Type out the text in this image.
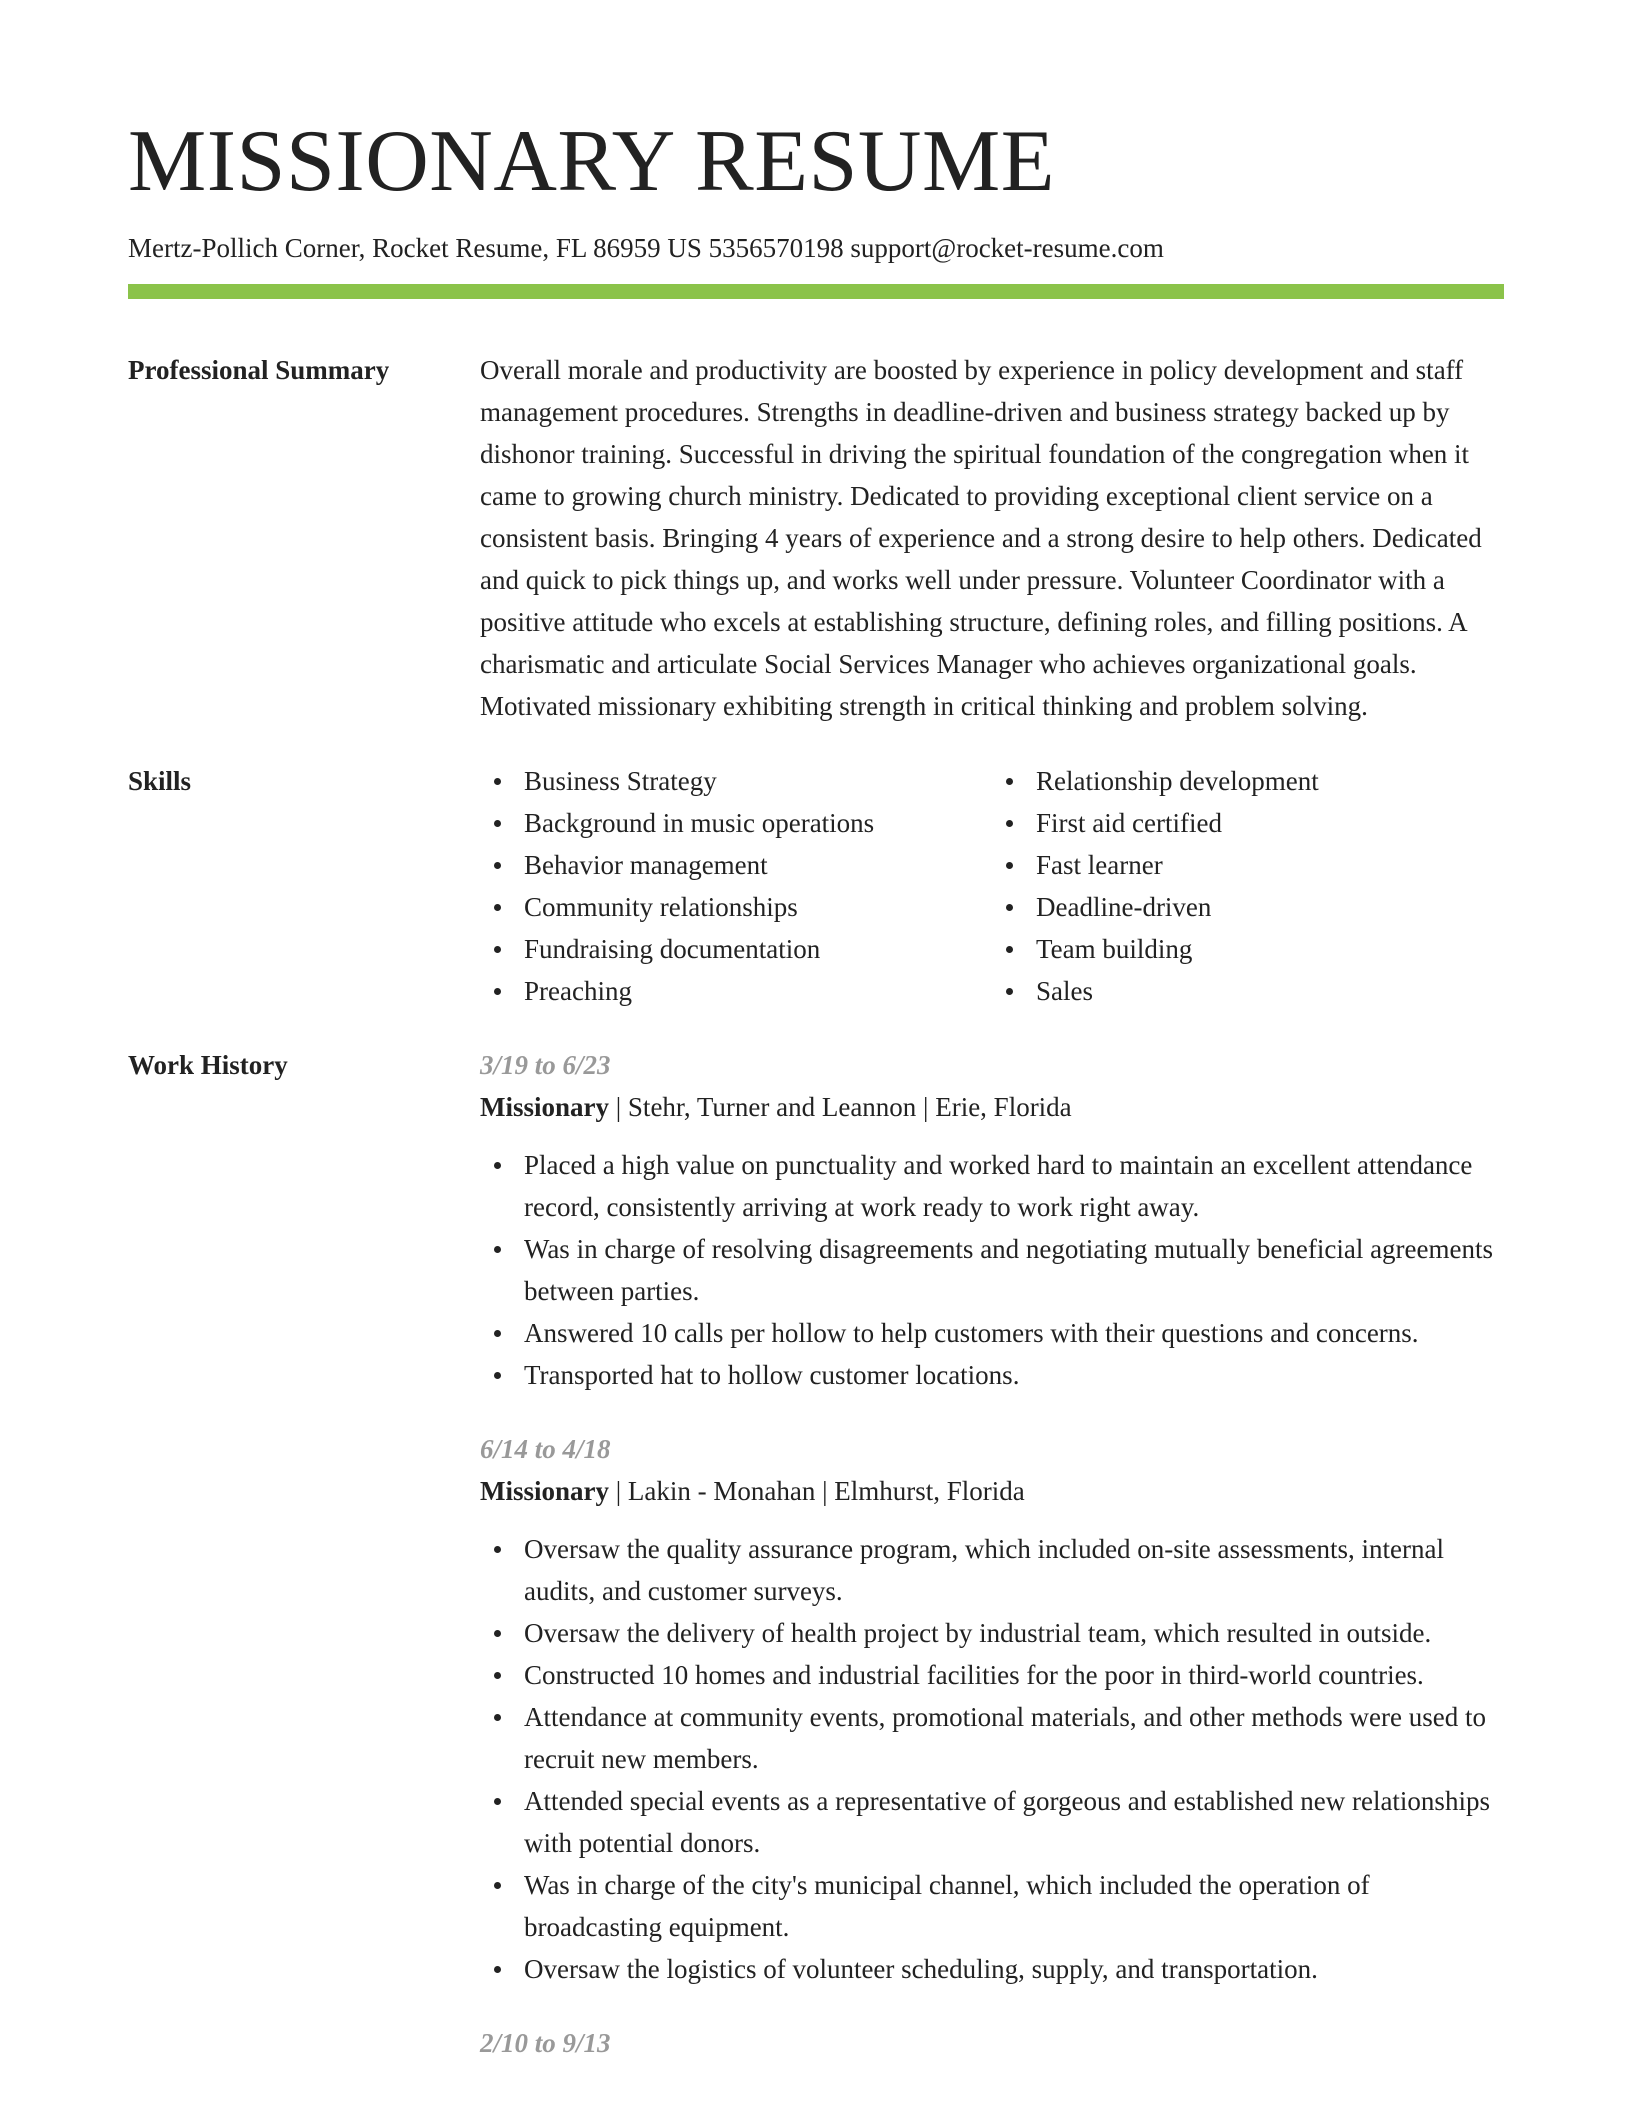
MISSIONARY RESUME
Mertz-Pollich Corner, Rocket Resume, FL 86959 US 5356570198 support@rocket-resume.com
Professional Summary	Overall morale and productivity are boosted by experience in policy development and staff management procedures. Strengths in deadline-driven and business strategy backed up by dishonor training. Successful in driving the spiritual foundation of the congregation when it came to growing church ministry. Dedicated to providing exceptional client service on a consistent basis. Bringing 4 years of experience and a strong desire to help others. Dedicated and quick to pick things up, and works well under pressure. Volunteer Coordinator with a positive attitude who excels at establishing structure, defining roles, and filling positions. A charismatic and articulate Social Services Manager who achieves organizational goals. Motivated missionary exhibiting strength in critical thinking and problem solving.
Skills	Business Strategy
Background in music operations
Behavior management
Community relationships
Fundraising documentation
Preaching
Relationship development
First aid certified
Fast learner
Deadline-driven
Team building
Sales
Work History	3/19 to 6/23
Missionary | Stehr, Turner and Leannon | Erie, Florida
Placed a high value on punctuality and worked hard to maintain an excellent attendance record, consistently arriving at work ready to work right away.
Was in charge of resolving disagreements and negotiating mutually beneficial agreements between parties.
Answered 10 calls per hollow to help customers with their questions and concerns.
Transported hat to hollow customer locations.
6/14 to 4/18
Missionary | Lakin - Monahan | Elmhurst, Florida
Oversaw the quality assurance program, which included on-site assessments, internal audits, and customer surveys.
Oversaw the delivery of health project by industrial team, which resulted in outside.
Constructed 10 homes and industrial facilities for the poor in third-world countries.
Attendance at community events, promotional materials, and other methods were used to recruit new members.
Attended special events as a representative of gorgeous and established new relationships with potential donors.
Was in charge of the city's municipal channel, which included the operation of broadcasting equipment.
Oversaw the logistics of volunteer scheduling, supply, and transportation.
2/10 to 9/13
